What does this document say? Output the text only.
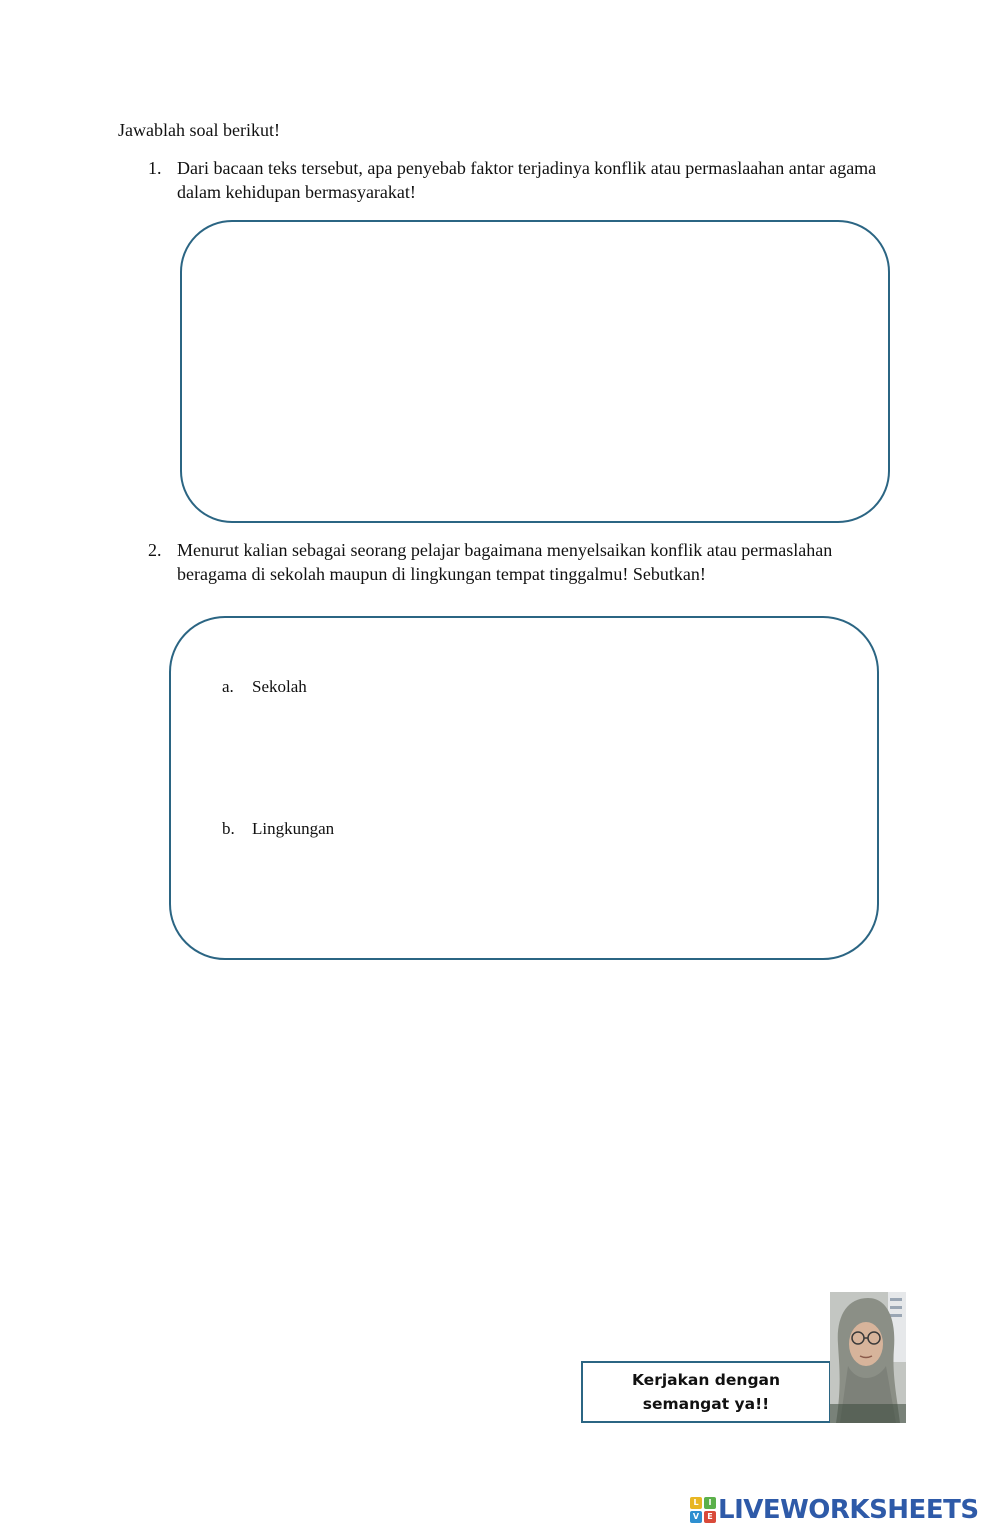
Jawablah soal berikut!
1. Dari bacaan teks tersebut, apa penyebab faktor terjadinya konflik atau permaslaahan antar agama dalam kehidupan bermasyarakat!
2. Menurut kalian sebagai seorang pelajar bagaimana menyelsaikan konflik atau permaslahan beragama di sekolah maupun di lingkungan tempat tinggalmu! Sebutkan!
a. Sekolah
b. Lingkungan
Kerjakan dengan semangat ya!!
L	I
V	E LIVEWORKSHEETS
